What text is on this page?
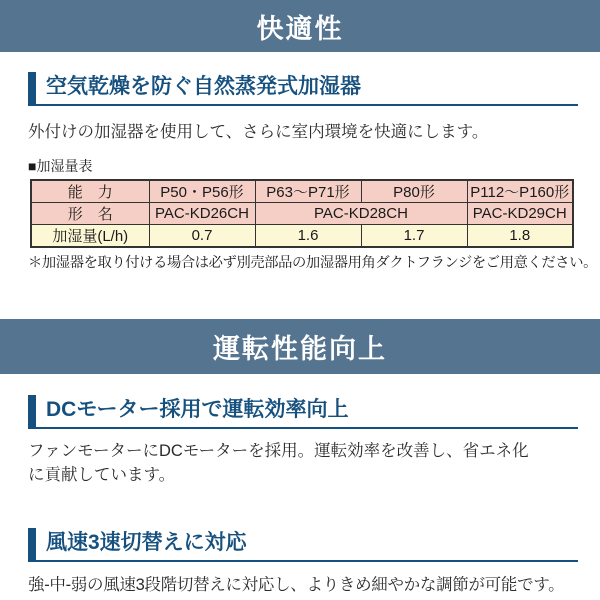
快適性
空気乾燥を防ぐ自然蒸発式加湿器

外付けの加湿器を使用して、さらに室内環境を快適にします。

■加湿量表
能　力	P50・P56形	P63〜P71形	P80形	P112〜P160形
形　名	PAC-KD26CH	PAC-KD28CH		PAC-KD29CH
加湿量(L/h)	0.7	1.6	1.7	1.8
＊加湿器を取り付ける場合は必ず別売部品の加湿器用角ダクトフランジをご用意ください。
運転性能向上
DCモーター採用で運転効率向上

ファンモーターにDCモーターを採用。運転効率を改善し、省エネ化に貢献しています。

風速3速切替えに対応

強-中-弱の風速3段階切替えに対応し、よりきめ細やかな調節が可能です。
